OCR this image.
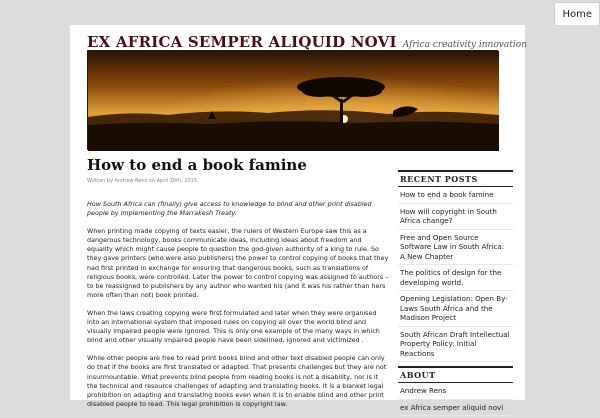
Home
EX AFRICA SEMPER ALIQUID NOVI Africa creativity innovation
How to end a book famine
Written by Andrew Rens on April 30th, 2015

How South Africa can (finally) give access to knowledge to blind and other print disabled people by implementing the Marrakesh Treaty.

When printing made copying of texts easier, the rulers of Western Europe saw this as a dangerous technology, books communicate ideas, including ideas about freedom and equality which might cause people to question the god-given authority of a king to rule. So they gave printers (who were also publishers) the power to control copying of books that they had first printed in exchange for ensuring that dangerous books, such as translations of religious books, were controlled. Later the power to control copying was assigned to authors – to be reassigned to publishers by any author who wanted his (and it was his rather than hers more often than not) book printed.

When the laws creating copying were first formulated and later when they were organised into an international system that imposed rules on copying all over the world blind and visually impaired people were ignored. This is only one example of the many ways in which blind and other visually impaired people have been sidelined, ignored and victimized .

While other people are free to read print books blind and other text disabled people can only do that if the books are first translated or adapted. That presents challenges but they are not insurmountable. What prevents blind people from reading books is not a disability, nor is it the technical and resource challenges of adapting and translating books. It is a blanket legal prohibition on adapting and translating books even when it is to enable blind and other print disabled people to read. This legal prohibition is copyright law.

RECENT POSTS
How to end a book famine
How will copyright in South Africa change?
Free and Open Source Software Law in South Africa: A New Chapter
The politics of design for the developing world.
Opening Legislation: Open By-Laws South Africa and the Madison Project
South African Draft Intellectual Property Policy: Initial Reactions
ABOUT
Andrew Rens
ex Africa semper aliquid novi
